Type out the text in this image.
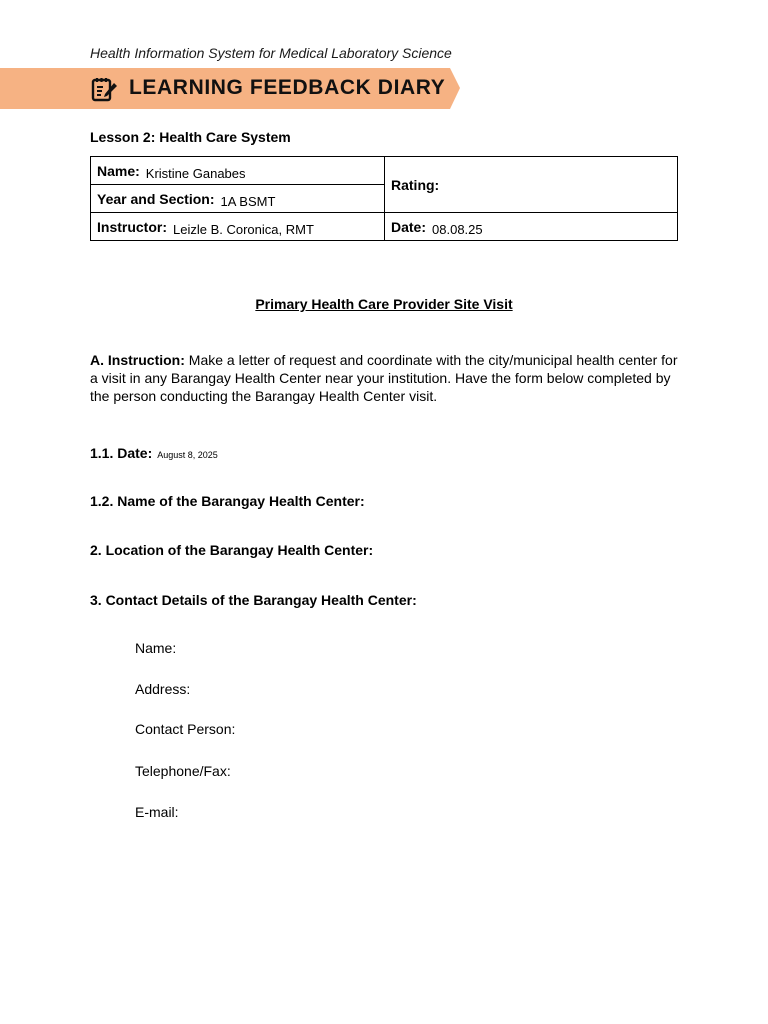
Health Information System for Medical Laboratory Science
LEARNING FEEDBACK DIARY
Lesson 2: Health Care System
Name: Kristine Ganabes	Rating:
Year and Section: 1A BSMT	
Instructor: Leizle B. Coronica, RMT	Date: 08.08.25
Primary Health Care Provider Site Visit
A. Instruction: Make a letter of request and coordinate with the city/municipal health center for a visit in any Barangay Health Center near your institution. Have the form below completed by the person conducting the Barangay Health Center visit.
1.1. Date: August 8, 2025
1.2. Name of the Barangay Health Center:
2. Location of the Barangay Health Center:
3. Contact Details of the Barangay Health Center:
Name:
Address:
Contact Person:
Telephone/Fax:
E-mail:
